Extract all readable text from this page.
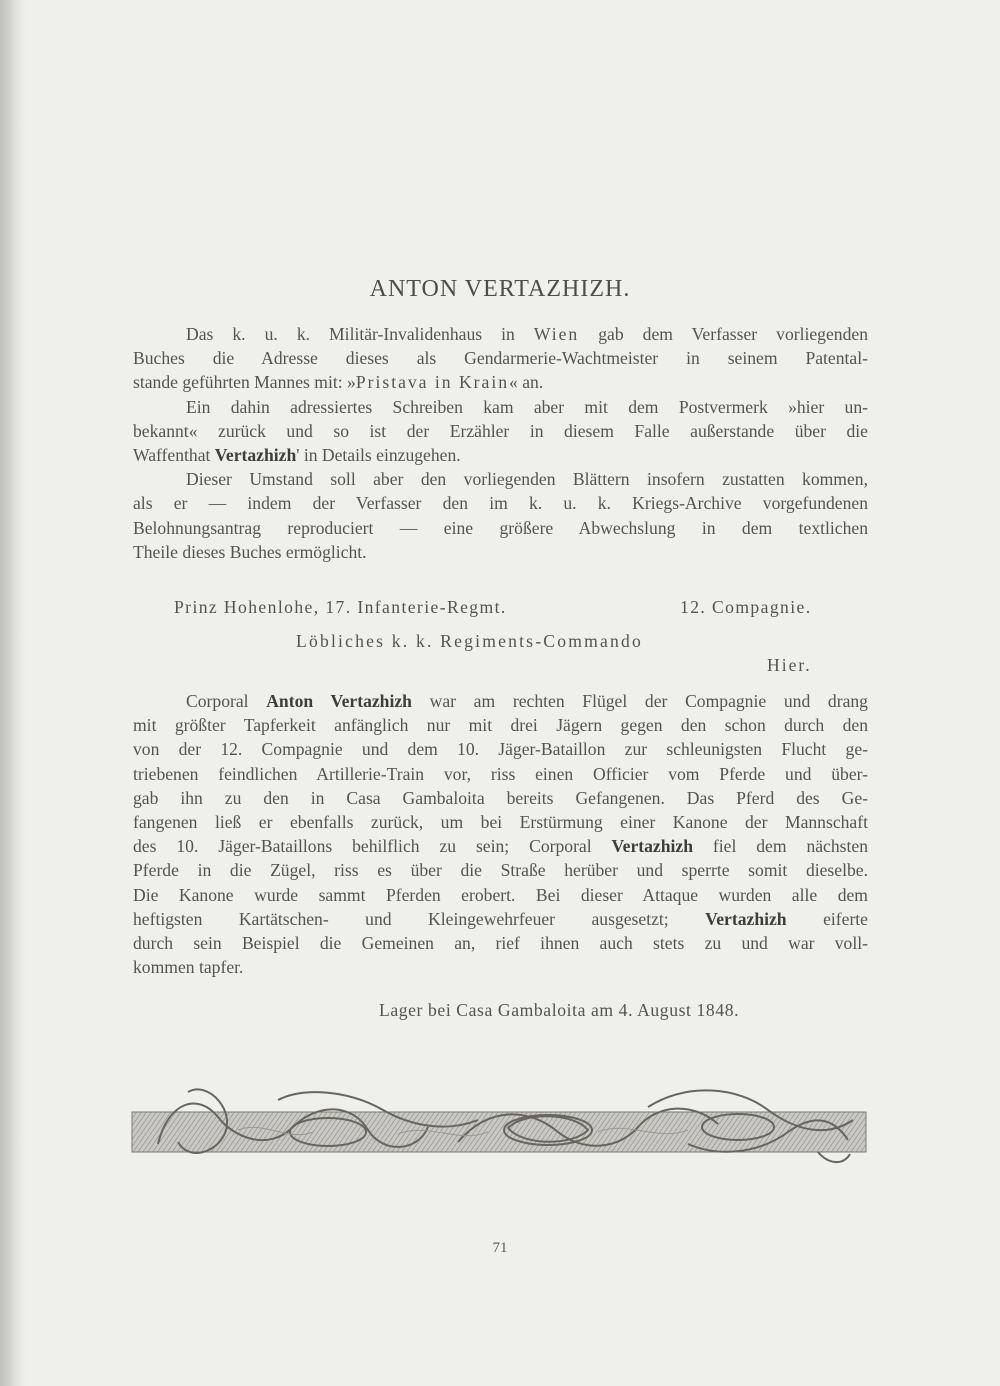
ANTON VERTAZHIZH.
Das k. u. k. Militär-Invalidenhaus in Wien gab dem Verfasser vorliegenden
Buches die Adresse dieses als Gendarmerie-Wachtmeister in seinem Patental-
stande geführten Mannes mit: »Pristava in Krain« an.
Ein dahin adressiertes Schreiben kam aber mit dem Postvermerk »hier un-
bekannt« zurück und so ist der Erzähler in diesem Falle außerstande über die
Waffenthat Vertazhizh' in Details einzugehen.
Dieser Umstand soll aber den vorliegenden Blättern insofern zustatten kommen,
als er — indem der Verfasser den im k. u. k. Kriegs-Archive vorgefundenen
Belohnungsantrag reproduciert — eine größere Abwechslung in dem textlichen
Theile dieses Buches ermöglicht.
Prinz Hohenlohe, 17. Infanterie-Regmt.	12. Compagnie.
Löbliches k. k. Regiments-Commando
Hier.
Corporal Anton Vertazhizh war am rechten Flügel der Compagnie und drang
mit größter Tapferkeit anfänglich nur mit drei Jägern gegen den schon durch den
von der 12. Compagnie und dem 10. Jäger-Bataillon zur schleunigsten Flucht ge-
triebenen feindlichen Artillerie-Train vor, riss einen Officier vom Pferde und über-
gab ihn zu den in Casa Gambaloita bereits Gefangenen. Das Pferd des Ge-
fangenen ließ er ebenfalls zurück, um bei Erstürmung einer Kanone der Mannschaft
des 10. Jäger-Bataillons behilflich zu sein; Corporal Vertazhizh fiel dem nächsten
Pferde in die Zügel, riss es über die Straße herüber und sperrte somit dieselbe.
Die Kanone wurde sammt Pferden erobert. Bei dieser Attaque wurden alle dem
heftigsten Kartätschen- und Kleingewehrfeuer ausgesetzt; Vertazhizh eiferte
durch sein Beispiel die Gemeinen an, rief ihnen auch stets zu und war voll-
kommen tapfer.
Lager bei Casa Gambaloita am 4. August 1848.
71
